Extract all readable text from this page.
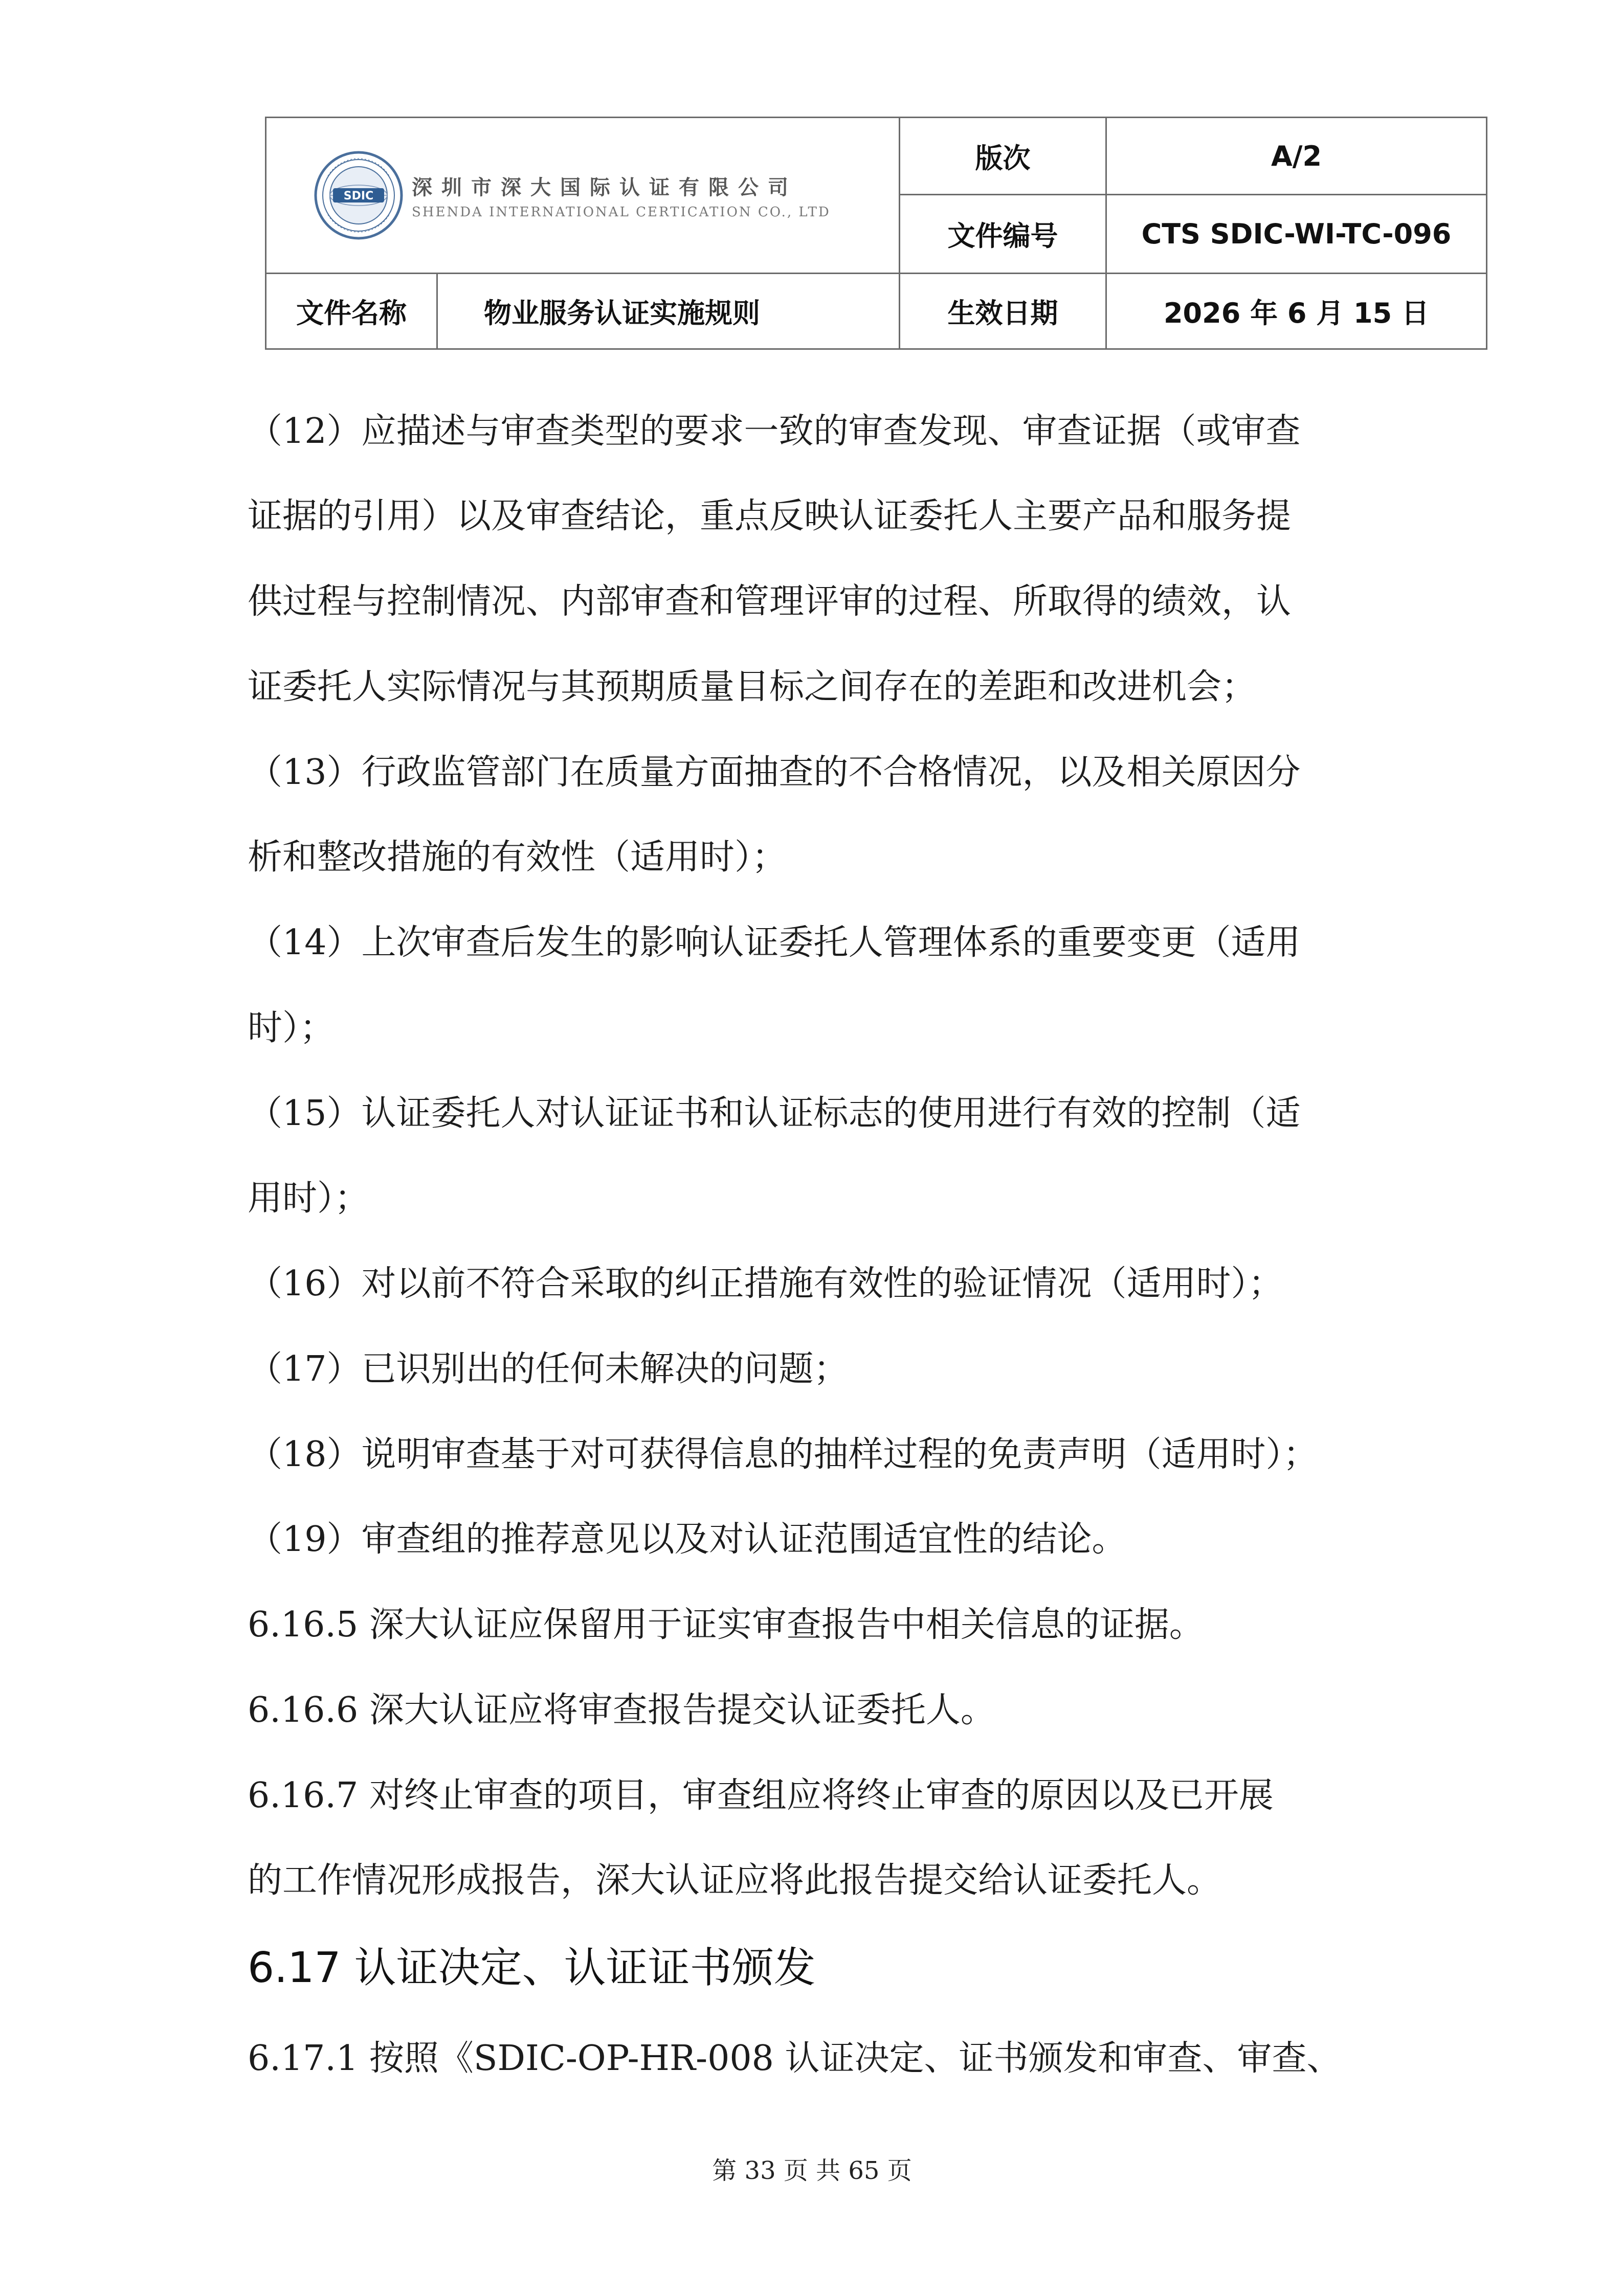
SDIC 深圳市深大国际认证有限公司
SHENDA INTERNATIONAL CERTICATION CO., LTD
版次	A/2
文件编号	CTS SDIC-WI-TC-096
文件名称	物业服务认证实施规则	生效日期	2026 年 6 月 15 日
（12）应描述与审查类型的要求一致的审查发现、审查证据（或审查
证据的引用）以及审查结论，重点反映认证委托人主要产品和服务提
供过程与控制情况、内部审查和管理评审的过程、所取得的绩效，认
证委托人实际情况与其预期质量目标之间存在的差距和改进机会；
（13）行政监管部门在质量方面抽查的不合格情况，以及相关原因分
析和整改措施的有效性（适用时）；
（14）上次审查后发生的影响认证委托人管理体系的重要变更（适用
时）；
（15）认证委托人对认证证书和认证标志的使用进行有效的控制（适
用时）；
（16）对以前不符合采取的纠正措施有效性的验证情况（适用时）；
（17）已识别出的任何未解决的问题；
（18）说明审查基于对可获得信息的抽样过程的免责声明（适用时）；
（19）审查组的推荐意见以及对认证范围适宜性的结论。
6.16.5 深大认证应保留用于证实审查报告中相关信息的证据。
6.16.6 深大认证应将审查报告提交认证委托人。
6.16.7 对终止审查的项目，审查组应将终止审查的原因以及已开展
的工作情况形成报告，深大认证应将此报告提交给认证委托人。
6.17 认证决定、认证证书颁发
6.17.1 按照《SDIC-OP-HR-008 认证决定、证书颁发和审查、审查、
第 33 页 共 65 页
